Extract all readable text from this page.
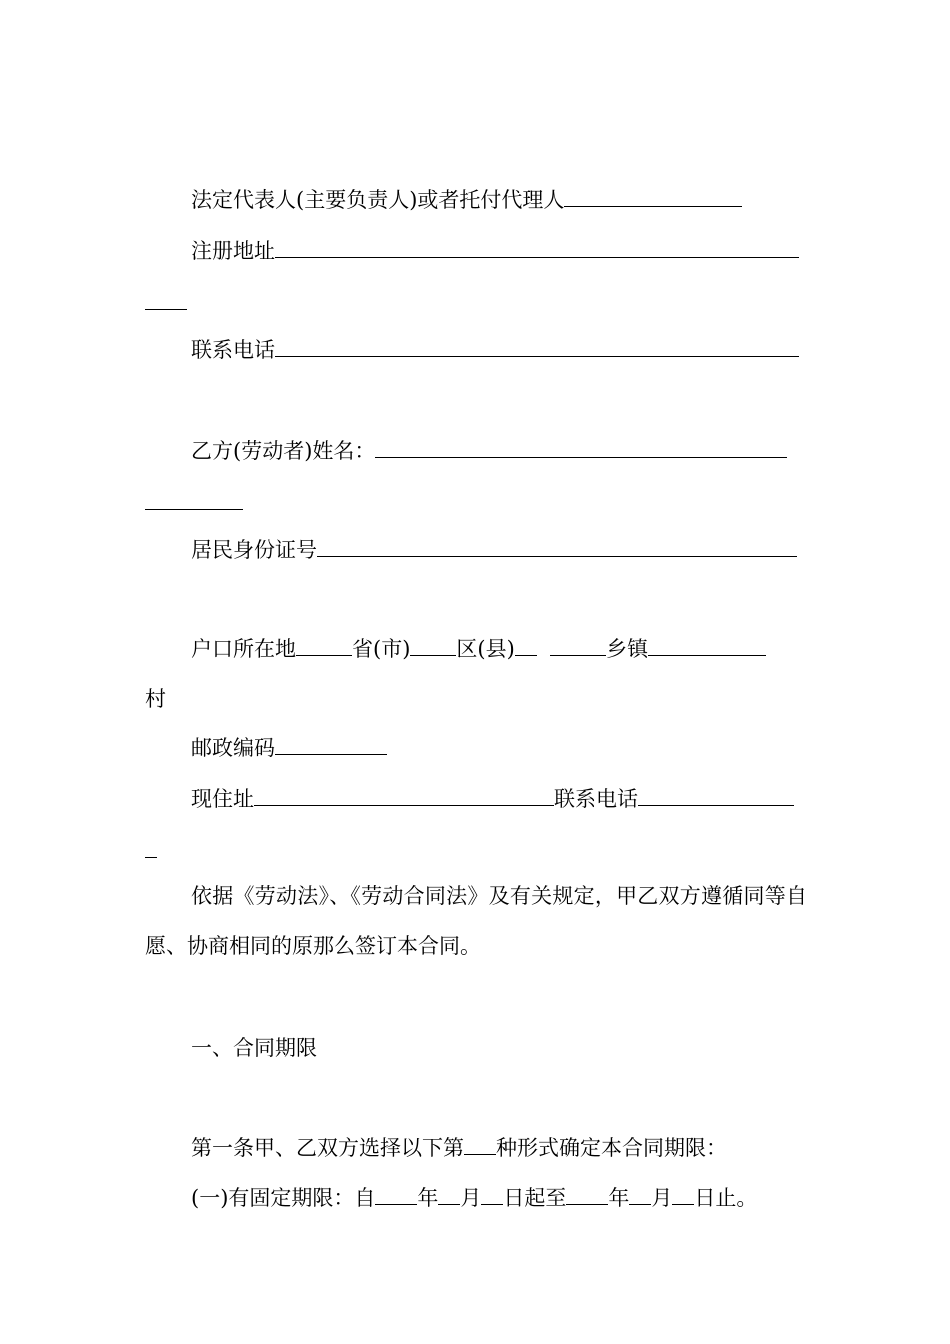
法定代表人(主要负责人)或者托付代理人
注册地址
联系电话
乙方(劳动者)姓名：
居民身份证号
户口所在地	省(市) 区(县)	乡镇
村
邮政编码
现住址	联系电话
依据《劳动法》、《劳动合同法》及有关规定，甲乙双方遵循同等自愿、协商相同的原那么签订本合同。
一、合同期限
第一条甲、乙双方选择以下第 种形式确定本合同期限：
(一)有固定期限：自 年 月 日起至 年 月 日止。
